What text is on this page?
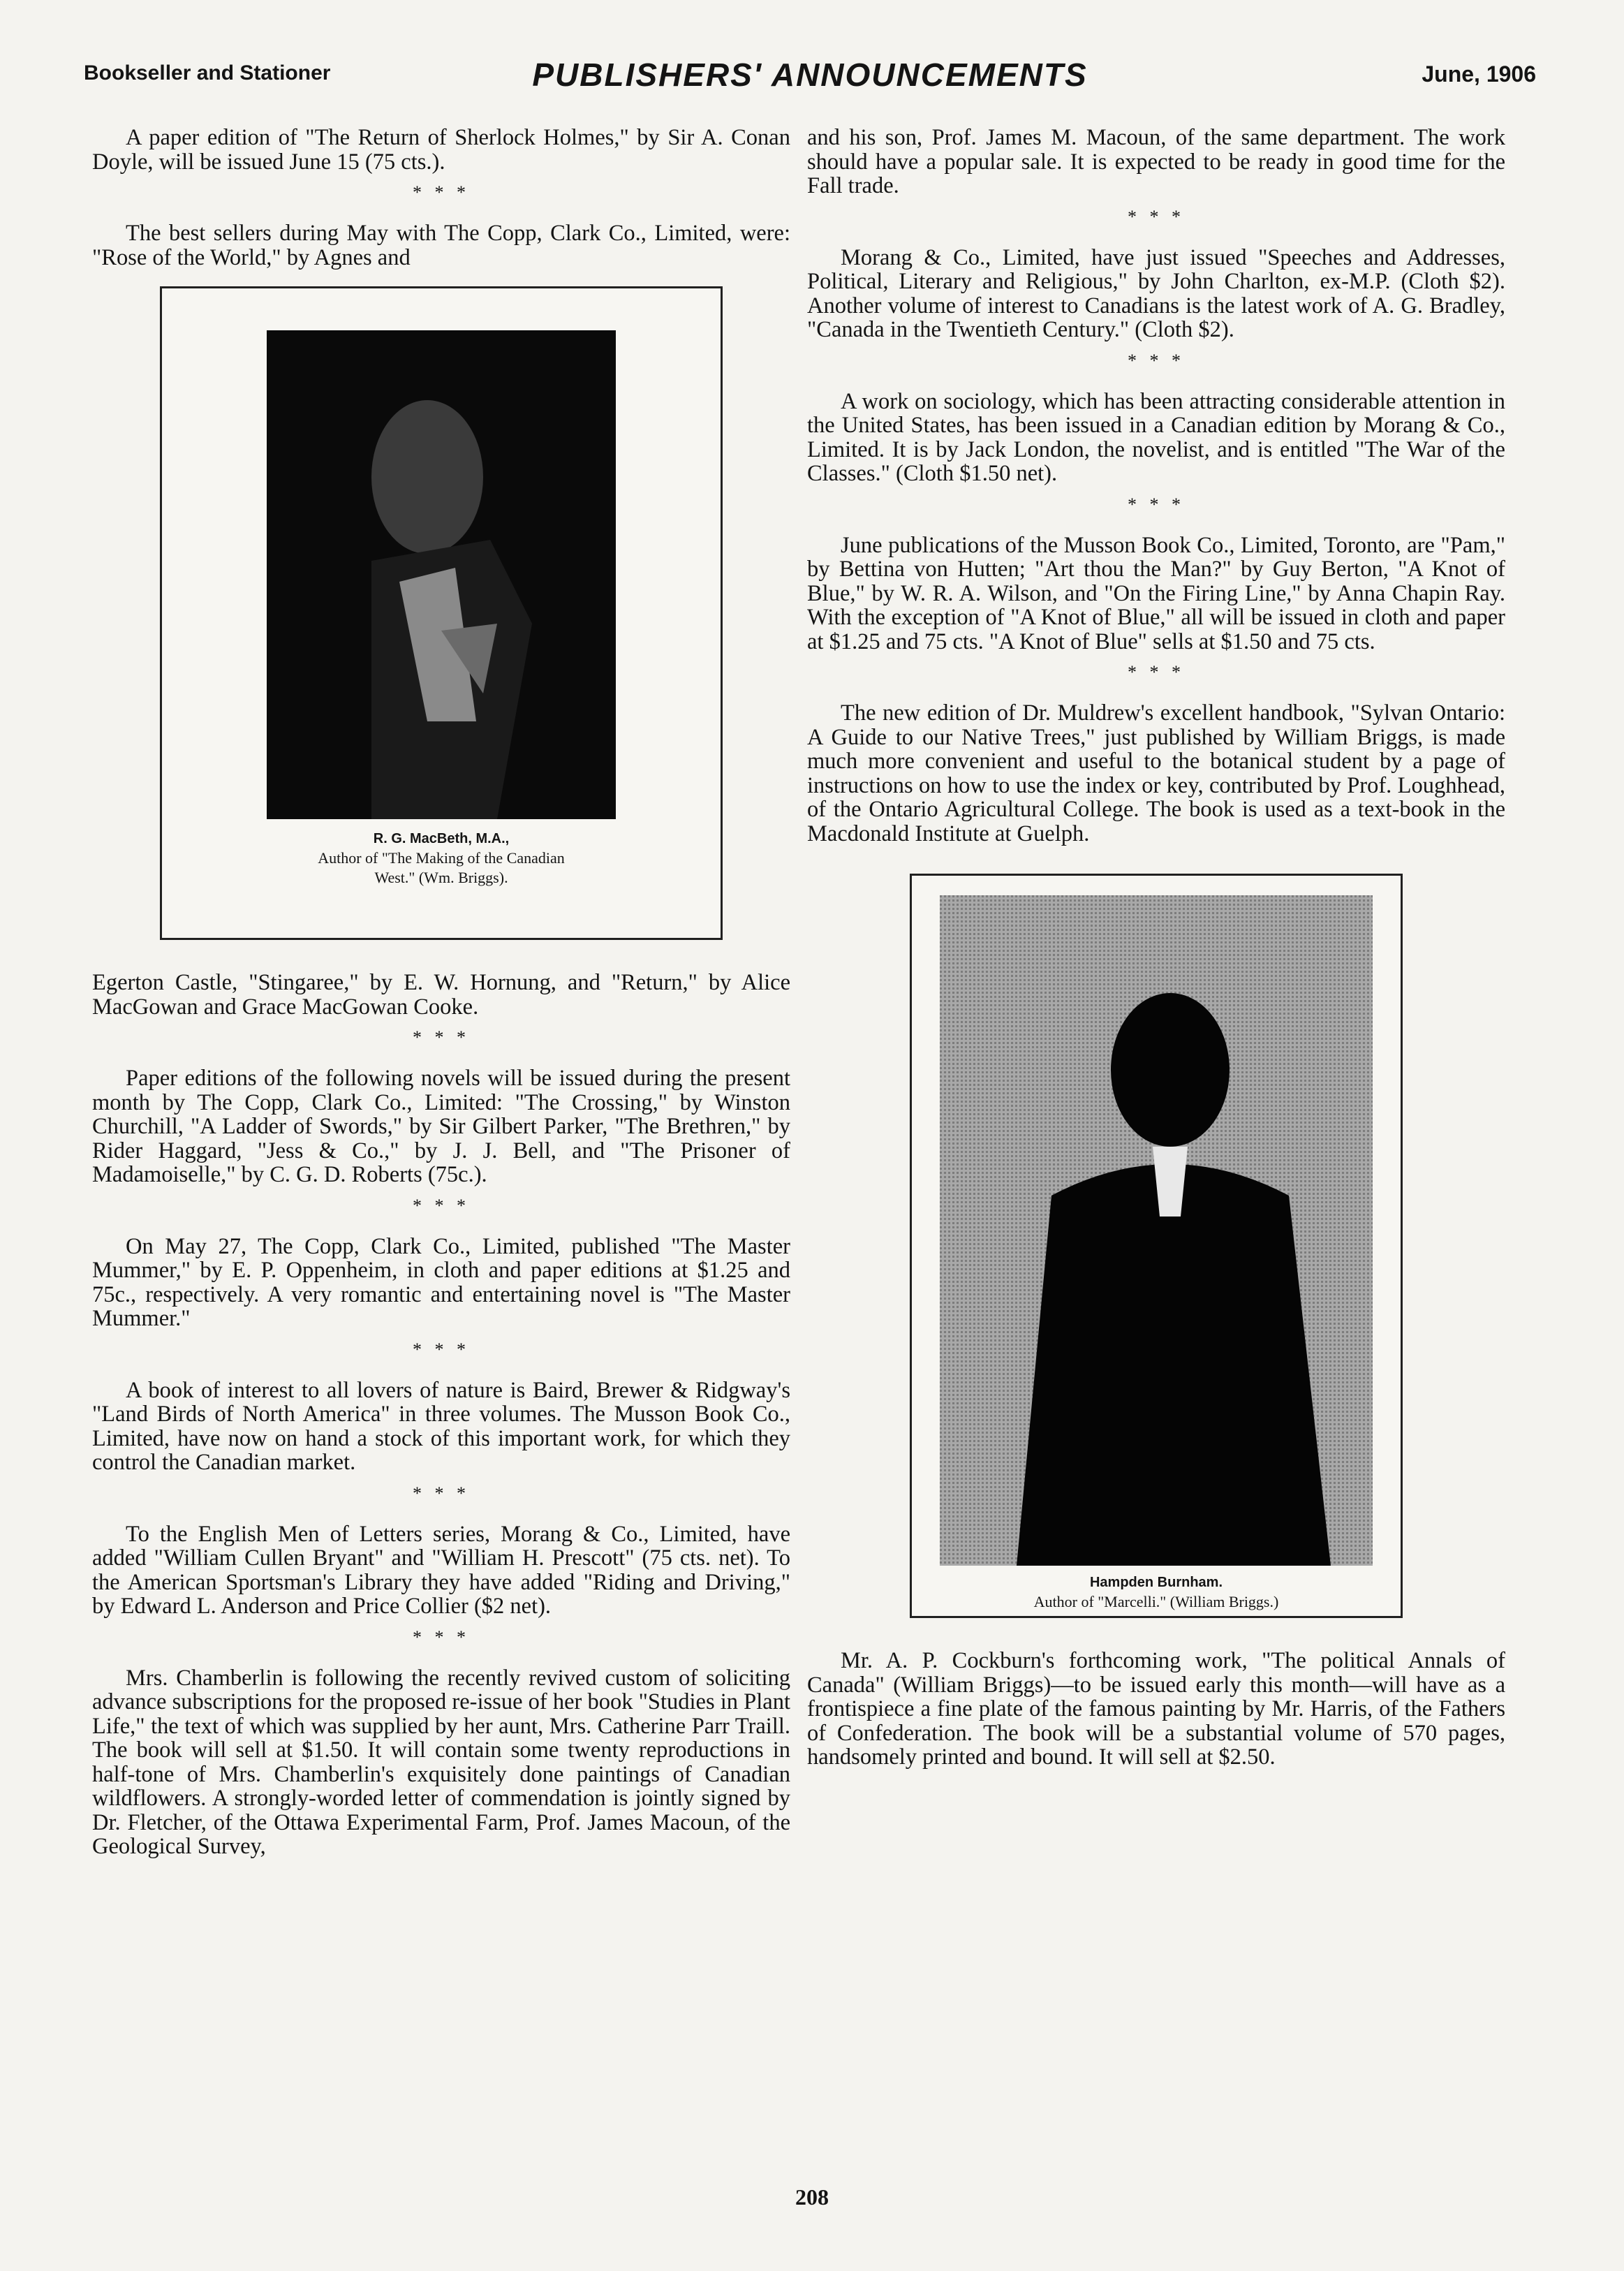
Bookseller and Stationer	PUBLISHERS' ANNOUNCEMENTS	June, 1906

A paper edition of "The Return of Sherlock Holmes," by Sir A. Conan Doyle, will be issued June 15 (75 cts.).

* * *

The best sellers during May with The Copp, Clark Co., Limited, were: "Rose of the World," by Agnes and

R. G. MacBeth, M.A.,
Author of "The Making of the Canadian
West." (Wm. Briggs).

Egerton Castle, "Stingaree," by E. W. Hornung, and "Return," by Alice MacGowan and Grace MacGowan Cooke.

* * *

Paper editions of the following novels will be issued during the present month by The Copp, Clark Co., Limited: "The Crossing," by Winston Churchill, "A Ladder of Swords," by Sir Gilbert Parker, "The Brethren," by Rider Haggard, "Jess & Co.," by J. J. Bell, and "The Prisoner of Madamoiselle," by C. G. D. Roberts (75c.).

* * *

On May 27, The Copp, Clark Co., Limited, published "The Master Mummer," by E. P. Oppenheim, in cloth and paper editions at $1.25 and 75c., respectively. A very romantic and entertaining novel is "The Master Mummer."

* * *

A book of interest to all lovers of nature is Baird, Brewer & Ridgway's "Land Birds of North America" in three volumes. The Musson Book Co., Limited, have now on hand a stock of this important work, for which they control the Canadian market.

* * *

To the English Men of Letters series, Morang & Co., Limited, have added "William Cullen Bryant" and "William H. Prescott" (75 cts. net). To the American Sportsman's Library they have added "Riding and Driving," by Edward L. Anderson and Price Collier ($2 net).

* * *

Mrs. Chamberlin is following the recently revived custom of soliciting advance subscriptions for the proposed re-issue of her book "Studies in Plant Life," the text of which was supplied by her aunt, Mrs. Catherine Parr Traill. The book will sell at $1.50. It will contain some twenty reproductions in half-tone of Mrs. Chamberlin's exquisitely done paintings of Canadian wildflowers. A strongly-worded letter of commendation is jointly signed by Dr. Fletcher, of the Ottawa Experimental Farm, Prof. James Macoun, of the Geological Survey,

and his son, Prof. James M. Macoun, of the same department. The work should have a popular sale. It is expected to be ready in good time for the Fall trade.

* * *

Morang & Co., Limited, have just issued "Speeches and Addresses, Political, Literary and Religious," by John Charlton, ex-M.P. (Cloth $2). Another volume of interest to Canadians is the latest work of A. G. Bradley, "Canada in the Twentieth Century." (Cloth $2).

* * *

A work on sociology, which has been attracting considerable attention in the United States, has been issued in a Canadian edition by Morang & Co., Limited. It is by Jack London, the novelist, and is entitled "The War of the Classes." (Cloth $1.50 net).

* * *

June publications of the Musson Book Co., Limited, Toronto, are "Pam," by Bettina von Hutten; "Art thou the Man?" by Guy Berton, "A Knot of Blue," by W. R. A. Wilson, and "On the Firing Line," by Anna Chapin Ray. With the exception of "A Knot of Blue," all will be issued in cloth and paper at $1.25 and 75 cts. "A Knot of Blue" sells at $1.50 and 75 cts.

* * *

The new edition of Dr. Muldrew's excellent handbook, "Sylvan Ontario: A Guide to our Native Trees," just published by William Briggs, is made much more convenient and useful to the botanical student by a page of instructions on how to use the index or key, contributed by Prof. Loughhead, of the Ontario Agricultural College. The book is used as a text-book in the Macdonald Institute at Guelph.

Hampden Burnham.
Author of "Marcelli." (William Briggs.)

Mr. A. P. Cockburn's forthcoming work, "The political Annals of Canada" (William Briggs)—to be issued early this month—will have as a frontispiece a fine plate of the famous painting by Mr. Harris, of the Fathers of Confederation. The book will be a substantial volume of 570 pages, handsomely printed and bound. It will sell at $2.50.

208
